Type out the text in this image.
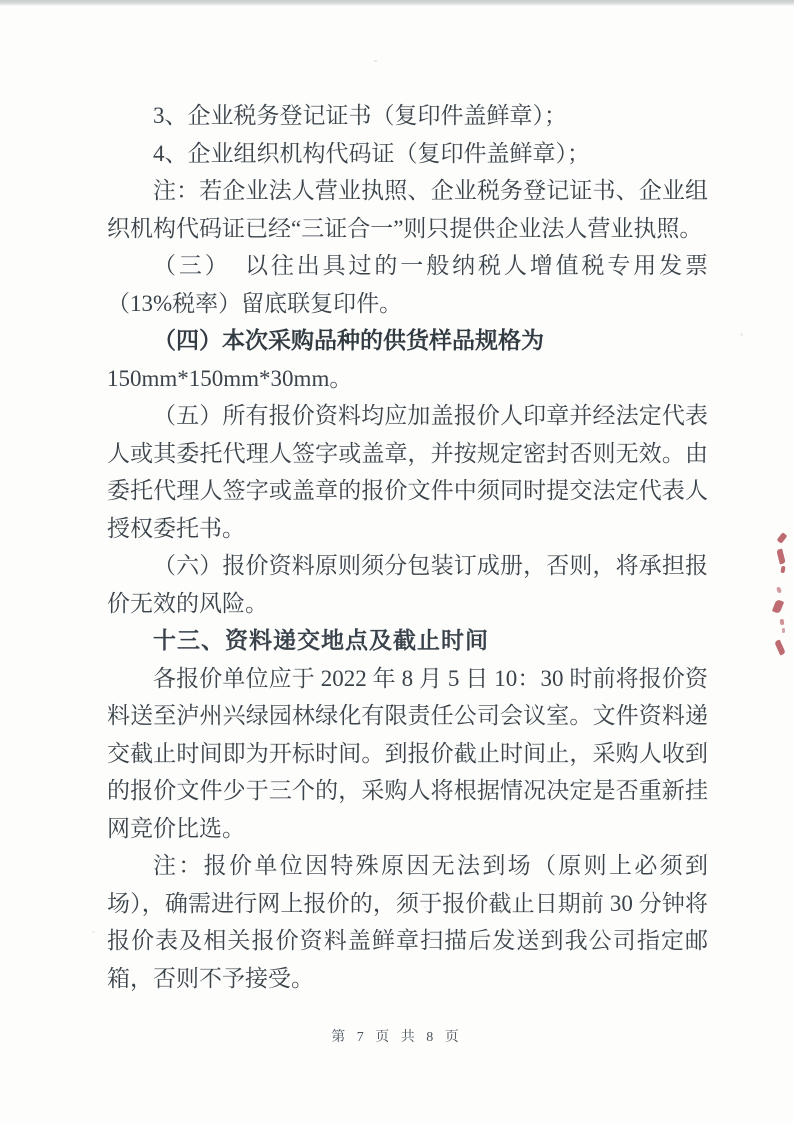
3、企业税务登记证书（复印件盖鲜章）；

4、企业组织机构代码证（复印件盖鲜章）；

注：若企业法人营业执照、企业税务登记证书、企业组织机构代码证已经“三证合一”则只提供企业法人营业执照。

（三）　以往出具过的一般纳税人增值税专用发票（13%税率）留底联复印件。

（四）本次采购品种的供货样品规格为

150mm*150mm*30mm。

（五）所有报价资料均应加盖报价人印章并经法定代表人或其委托代理人签字或盖章，并按规定密封否则无效。由委托代理人签字或盖章的报价文件中须同时提交法定代表人授权委托书。

（六）报价资料原则须分包装订成册，否则，将承担报价无效的风险。

十三、资料递交地点及截止时间

各报价单位应于 2022 年 8 月 5 日 10：30 时前将报价资料送至泸州兴绿园林绿化有限责任公司会议室。文件资料递交截止时间即为开标时间。到报价截止时间止，采购人收到的报价文件少于三个的，采购人将根据情况决定是否重新挂网竞价比选。

注：报价单位因特殊原因无法到场（原则上必须到场），确需进行网上报价的，须于报价截止日期前 30 分钟将报价表及相关报价资料盖鲜章扫描后发送到我公司指定邮箱，否则不予接受。

第 7 页 共 8 页
